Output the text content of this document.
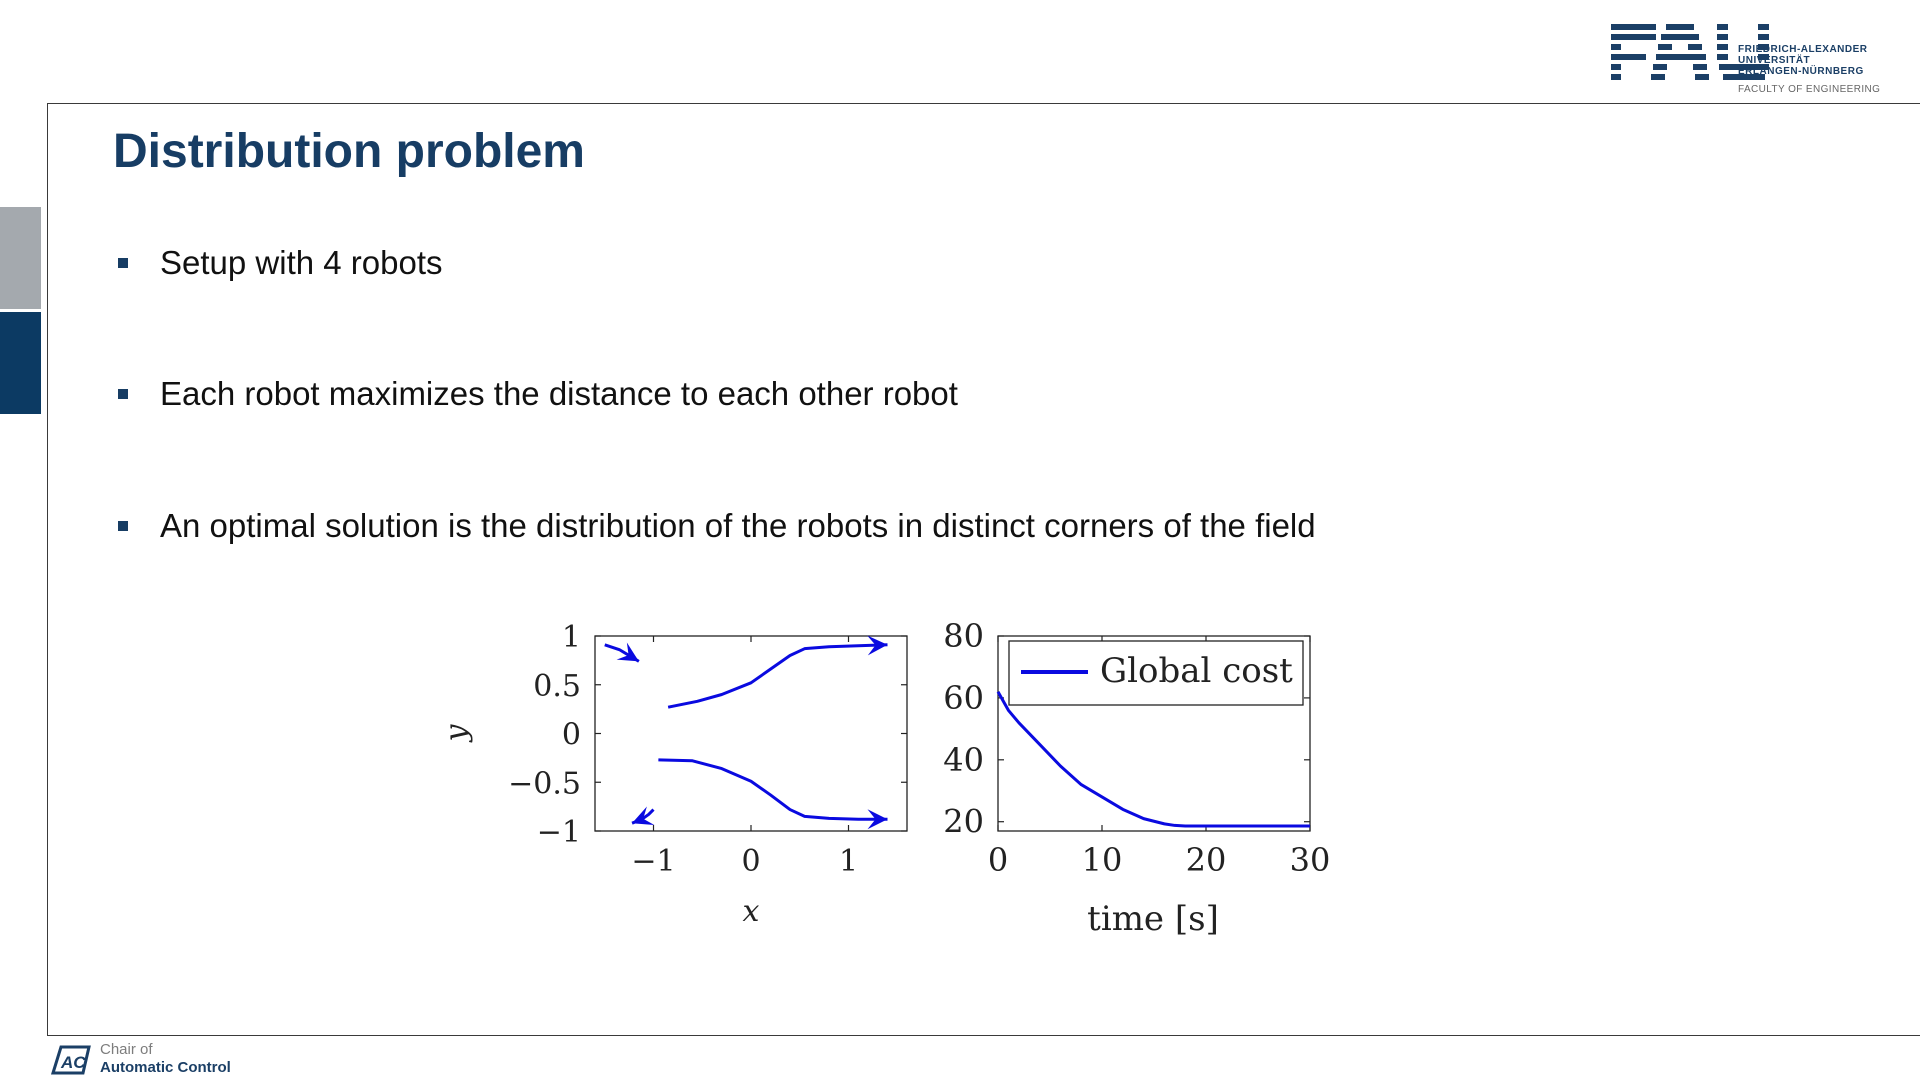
FRIEDRICH-ALEXANDER
UNIVERSITÄT
ERLANGEN-NÜRNBERG
FACULTY OF ENGINEERING
Distribution problem
Setup with 4 robots
Each robot maximizes the distance to each other robot
An optimal solution is the distribution of the robots in distinct corners of the field
−1 0	1
1
0.5
0
−0.5
−1
x
y
0 10 20 30
80
60
40
20
time [s]
Global cost
AC
Chair of
Automatic Control
